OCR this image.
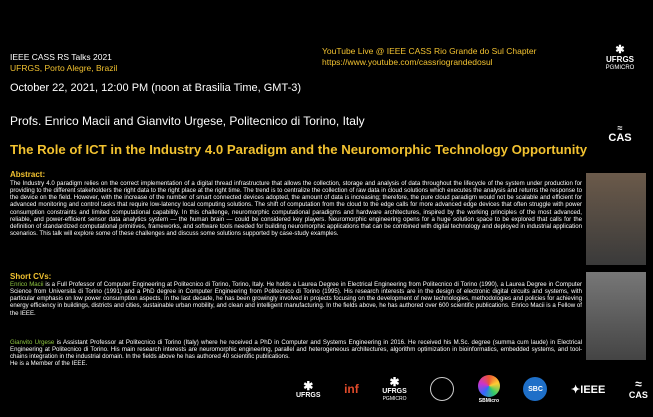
IEEE CASS RS Talks 2021
UFRGS, Porto Alegre, Brazil
YouTube Live @ IEEE CASS Rio Grande do Sul Chapter
https://www.youtube.com/cassriograndedosul
✱
UFRGS
PGMICRO
October 22, 2021, 12:00 PM (noon at Brasilia Time, GMT-3)
Profs. Enrico Macii and Gianvito Urgese, Politecnico di Torino, Italy	≈
CAS
The Role of ICT in the Industry 4.0 Paradigm and the Neuromorphic Technology Opportunity
Abstract:
The Industry 4.0 paradigm relies on the correct implementation of a digital thread infrastructure that allows the collection, storage and analysis of data throughout the lifecycle of the system under production for providing to the different stakeholders the right data to the right place at the right time. The trend is to centralize the collection of raw data in cloud solutions which executes the analysis and returns the response to the device on the field. However, with the increase of the number of smart connected devices adopted, the amount of data is increasing; therefore, the pure cloud paradigm would not be scalable and efficient for advanced monitoring and control tasks that require low-latency local computing solutions. The shift of computation from the cloud to the edge calls for more advanced edge devices that often struggle with power consumption constraints and limited computational capability. In this challenge, neuromorphic computational paradigms and hardware architectures, inspired by the working principles of the most advanced, reliable, and power-efficient sensor data analytics system — the human brain — could be considered key players. Neuromorphic engineering opens for a huge solution space to be explored that calls for the definition of standardized computational primitives, frameworks, and software tools needed for building neuromorphic applications that can be combined with digital technology and deployed in industrial application scenarios. This talk will explore some of these challenges and discuss some solutions supported by case-study examples.
Short CVs:
Enrico Macii is a Full Professor of Computer Engineering at Politecnico di Torino, Torino, Italy. He holds a Laurea Degree in Electrical Engineering from Politecnico di Torino (1990), a Laurea Degree in Computer Science from Università di Torino (1991) and a PhD degree in Computer Engineering from Politecnico di Torino (1995). His research interests are in the design of electronic digital circuits and systems, with particular emphasis on low power consumption aspects. In the last decade, he has been growingly involved in projects focusing on the development of new technologies, methodologies and policies for achieving energy efficiency in buildings, districts and cities, sustainable urban mobility, and clean and intelligent manufacturing. In the fields above, he has authored over 600 scientific publications. Enrico Macii is a Fellow of the IEEE.
Gianvito Urgese is Assistant Professor at Politecnico di Torino (Italy) where he received a PhD in Computer and Systems Engineering in 2016. He received his M.Sc. degree (summa cum laude) in Electrical Engineering at Politecnico di Torino. His main research interests are neuromorphic engineering, parallel and heterogeneous architectures, algorithm optimization in bioinformatics, embedded systems, and tool-chains integration in the industrial domain. In the fields above he has authored 40 scientific publications.
He is a Member of the IEEE.
✱
UFRGS inf	✱
UFRGS
PGMICRO	SBMicro
SBC	✦IEEE	≈
CAS
